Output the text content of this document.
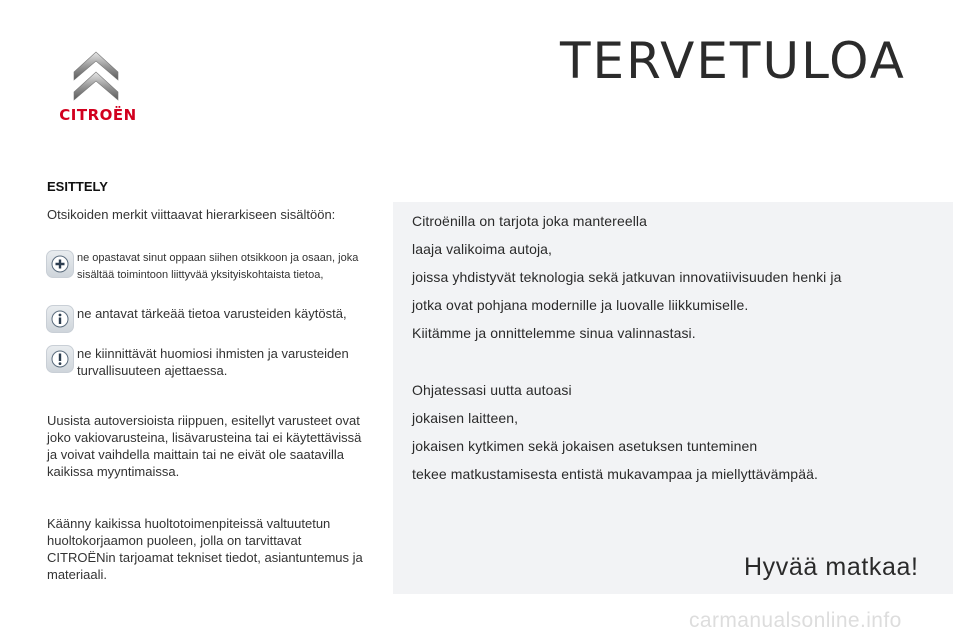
CITROËN
TERVETULOA
ESITTELY
Otsikoiden merkit viittaavat hierarkiseen sisältöön:
ne opastavat sinut oppaan siihen otsikkoon ja osaan, joka sisältää toimintoon liittyvää yksityiskohtaista tietoa,
ne antavat tärkeää tietoa varusteiden käytöstä,
ne kiinnittävät huomiosi ihmisten ja varusteiden turvallisuuteen ajettaessa.
Uusista autoversioista riippuen, esitellyt varusteet ovat joko vakiovarusteina, lisävarusteina tai ei käytettävissä ja voivat vaihdella maittain tai ne eivät ole saatavilla kaikissa myyntimaissa.
Käänny kaikissa huoltotoimenpiteissä valtuutetun huoltokorjaamon puoleen, jolla on tarvittavat CITROËNin tarjoamat tekniset tiedot, asiantuntemus ja materiaali.
Citroënilla on tarjota joka mantereella
laaja valikoima autoja,
joissa yhdistyvät teknologia sekä jatkuvan innovatiivisuuden henki ja
jotka ovat pohjana modernille ja luovalle liikkumiselle.
Kiitämme ja onnittelemme sinua valinnastasi.
Ohjatessasi uutta autoasi
jokaisen laitteen,
jokaisen kytkimen sekä jokaisen asetuksen tunteminen
tekee matkustamisesta entistä mukavampaa ja miellyttävämpää.
Hyvää matkaa!
carmanualsonline.info
